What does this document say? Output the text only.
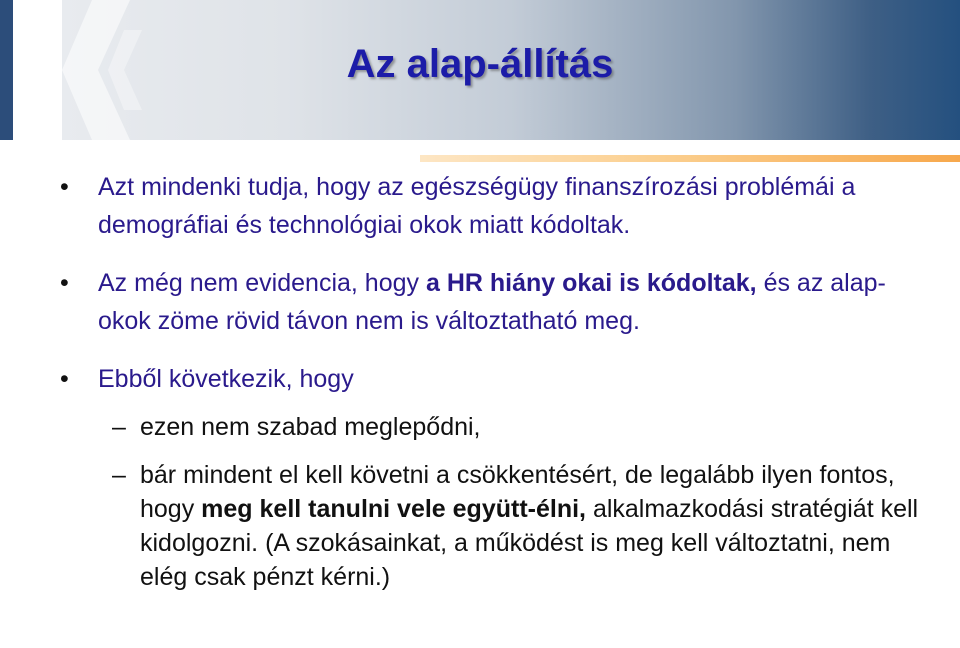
Az alap-állítás
•	Azt mindenki tudja, hogy az egészségügy finanszírozási problémái a demográfiai és technológiai okok miatt kódoltak.
•	Az még nem evidencia, hogy a HR hiány okai is kódoltak, és az alap-okok zöme rövid távon nem is változtatható meg.
•	Ebből következik, hogy
– ezen nem szabad meglepődni,
– bár mindent el kell követni a csökkentésért, de legalább ilyen fontos, hogy meg kell tanulni vele együtt-élni, alkalmazkodási stratégiát kell kidolgozni. (A szokásainkat, a működést is meg kell változtatni, nem elég csak pénzt kérni.)
